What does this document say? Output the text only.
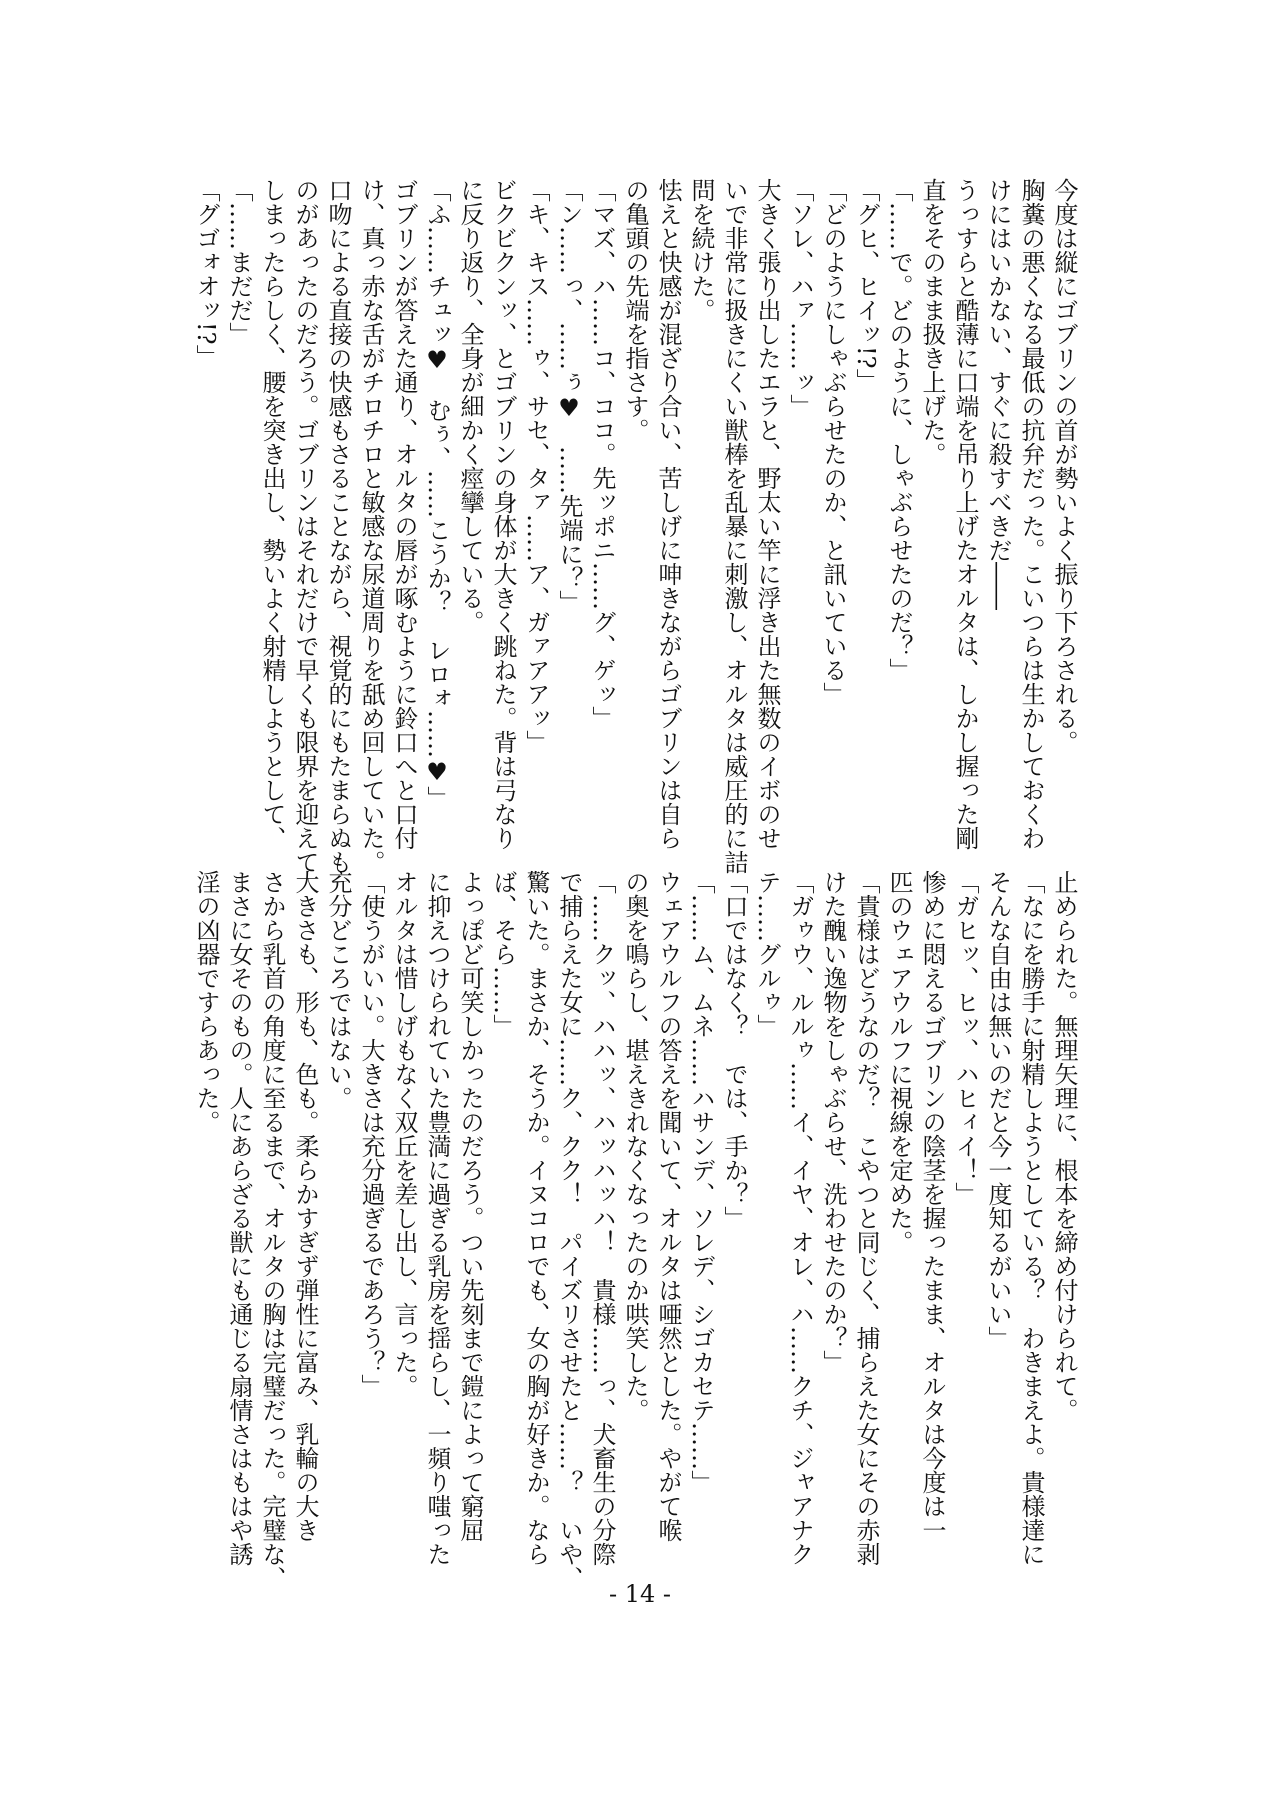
今度は縦にゴブリンの首が勢いよく振り下ろされる。
胸糞の悪くなる最低の抗弁だった。こいつらは生かしておくわ
けにはいかない、すぐに殺すべきだ――
うっすらと酷薄に口端を吊り上げたオルタは、しかし握った剛
直をそのまま扱き上げた。
「……で。どのように、しゃぶらせたのだ？」
「グヒ、ヒイッ!?」
「どのようにしゃぶらせたのか、と訊いている」
「ソレ、ハァ……ッ」
大きく張り出したエラと、野太い竿に浮き出た無数のイボのせ
いで非常に扱きにくい獣棒を乱暴に刺激し、オルタは威圧的に詰
問を続けた。
怯えと快感が混ざり合い、苦しげに呻きながらゴブリンは自ら
の亀頭の先端を指さす。
「マズ、ハ……コ、ココ。先ッポニ……グ、ゲッ」
「ン……っ、……ぅ♥　……先端に？」
「キ、キス……ゥ、サセ、タァ……ア、ガァアアッ」
ビクビクンッ、とゴブリンの身体が大きく跳ねた。背は弓なり
に反り返り、全身が細かく痙攣している。
「ふ……チュッ♥　むぅ、……こうか？　レロォ……♥」
ゴブリンが答えた通り、オルタの唇が啄むように鈴口へと口付
け、真っ赤な舌がチロチロと敏感な尿道周りを舐め回していた。
口吻による直接の快感もさることながら、視覚的にもたまらぬも
のがあったのだろう。ゴブリンはそれだけで早くも限界を迎えて
しまったらしく、腰を突き出し、勢いよく射精しようとして、
「……まだだ」
「グゴォオッ!?」
止められた。無理矢理に、根本を締め付けられて。
「なにを勝手に射精しようとしている？　わきまえよ。貴様達に
そんな自由は無いのだと今一度知るがいい」
「ガヒッ、ヒッ、ハヒィイ！」
惨めに悶えるゴブリンの陰茎を握ったまま、オルタは今度は一
匹のウェアウルフに視線を定めた。
「貴様はどうなのだ？　こやつと同じく、捕らえた女にその赤剥
けた醜い逸物をしゃぶらせ、洗わせたのか？」
「ガゥウ、ルルゥ……イ、イヤ、オレ、ハ……クチ、ジャアナク
テ……グルゥ」
「口ではなく？　では、手か？」
「……ム、ムネ……ハサンデ、ソレデ、シゴカセテ……」
ウェアウルフの答えを聞いて、オルタは唖然とした。やがて喉
の奥を鳴らし、堪えきれなくなったのか哄笑した。
「……クッ、ハハッ、ハッハッハ！　貴様……っ、犬畜生の分際
で捕らえた女に……ク、クク！　パイズリさせたと……？　いや、
驚いた。まさか、そうか。イヌコロでも、女の胸が好きか。なら
ば、そら……」
よっぽど可笑しかったのだろう。つい先刻まで鎧によって窮屈
に抑えつけられていた豊満に過ぎる乳房を揺らし、一頻り嗤った
オルタは惜しげもなく双丘を差し出し、言った。
「使うがいい。大きさは充分過ぎるであろう？」
充分どころではない。
大きさも、形も、色も。柔らかすぎず弾性に富み、乳輪の大き
さから乳首の角度に至るまで、オルタの胸は完璧だった。完璧な、
まさに女そのもの。人にあらざる獣にも通じる扇情さはもはや誘
淫の凶器ですらあった。
- 14 -
